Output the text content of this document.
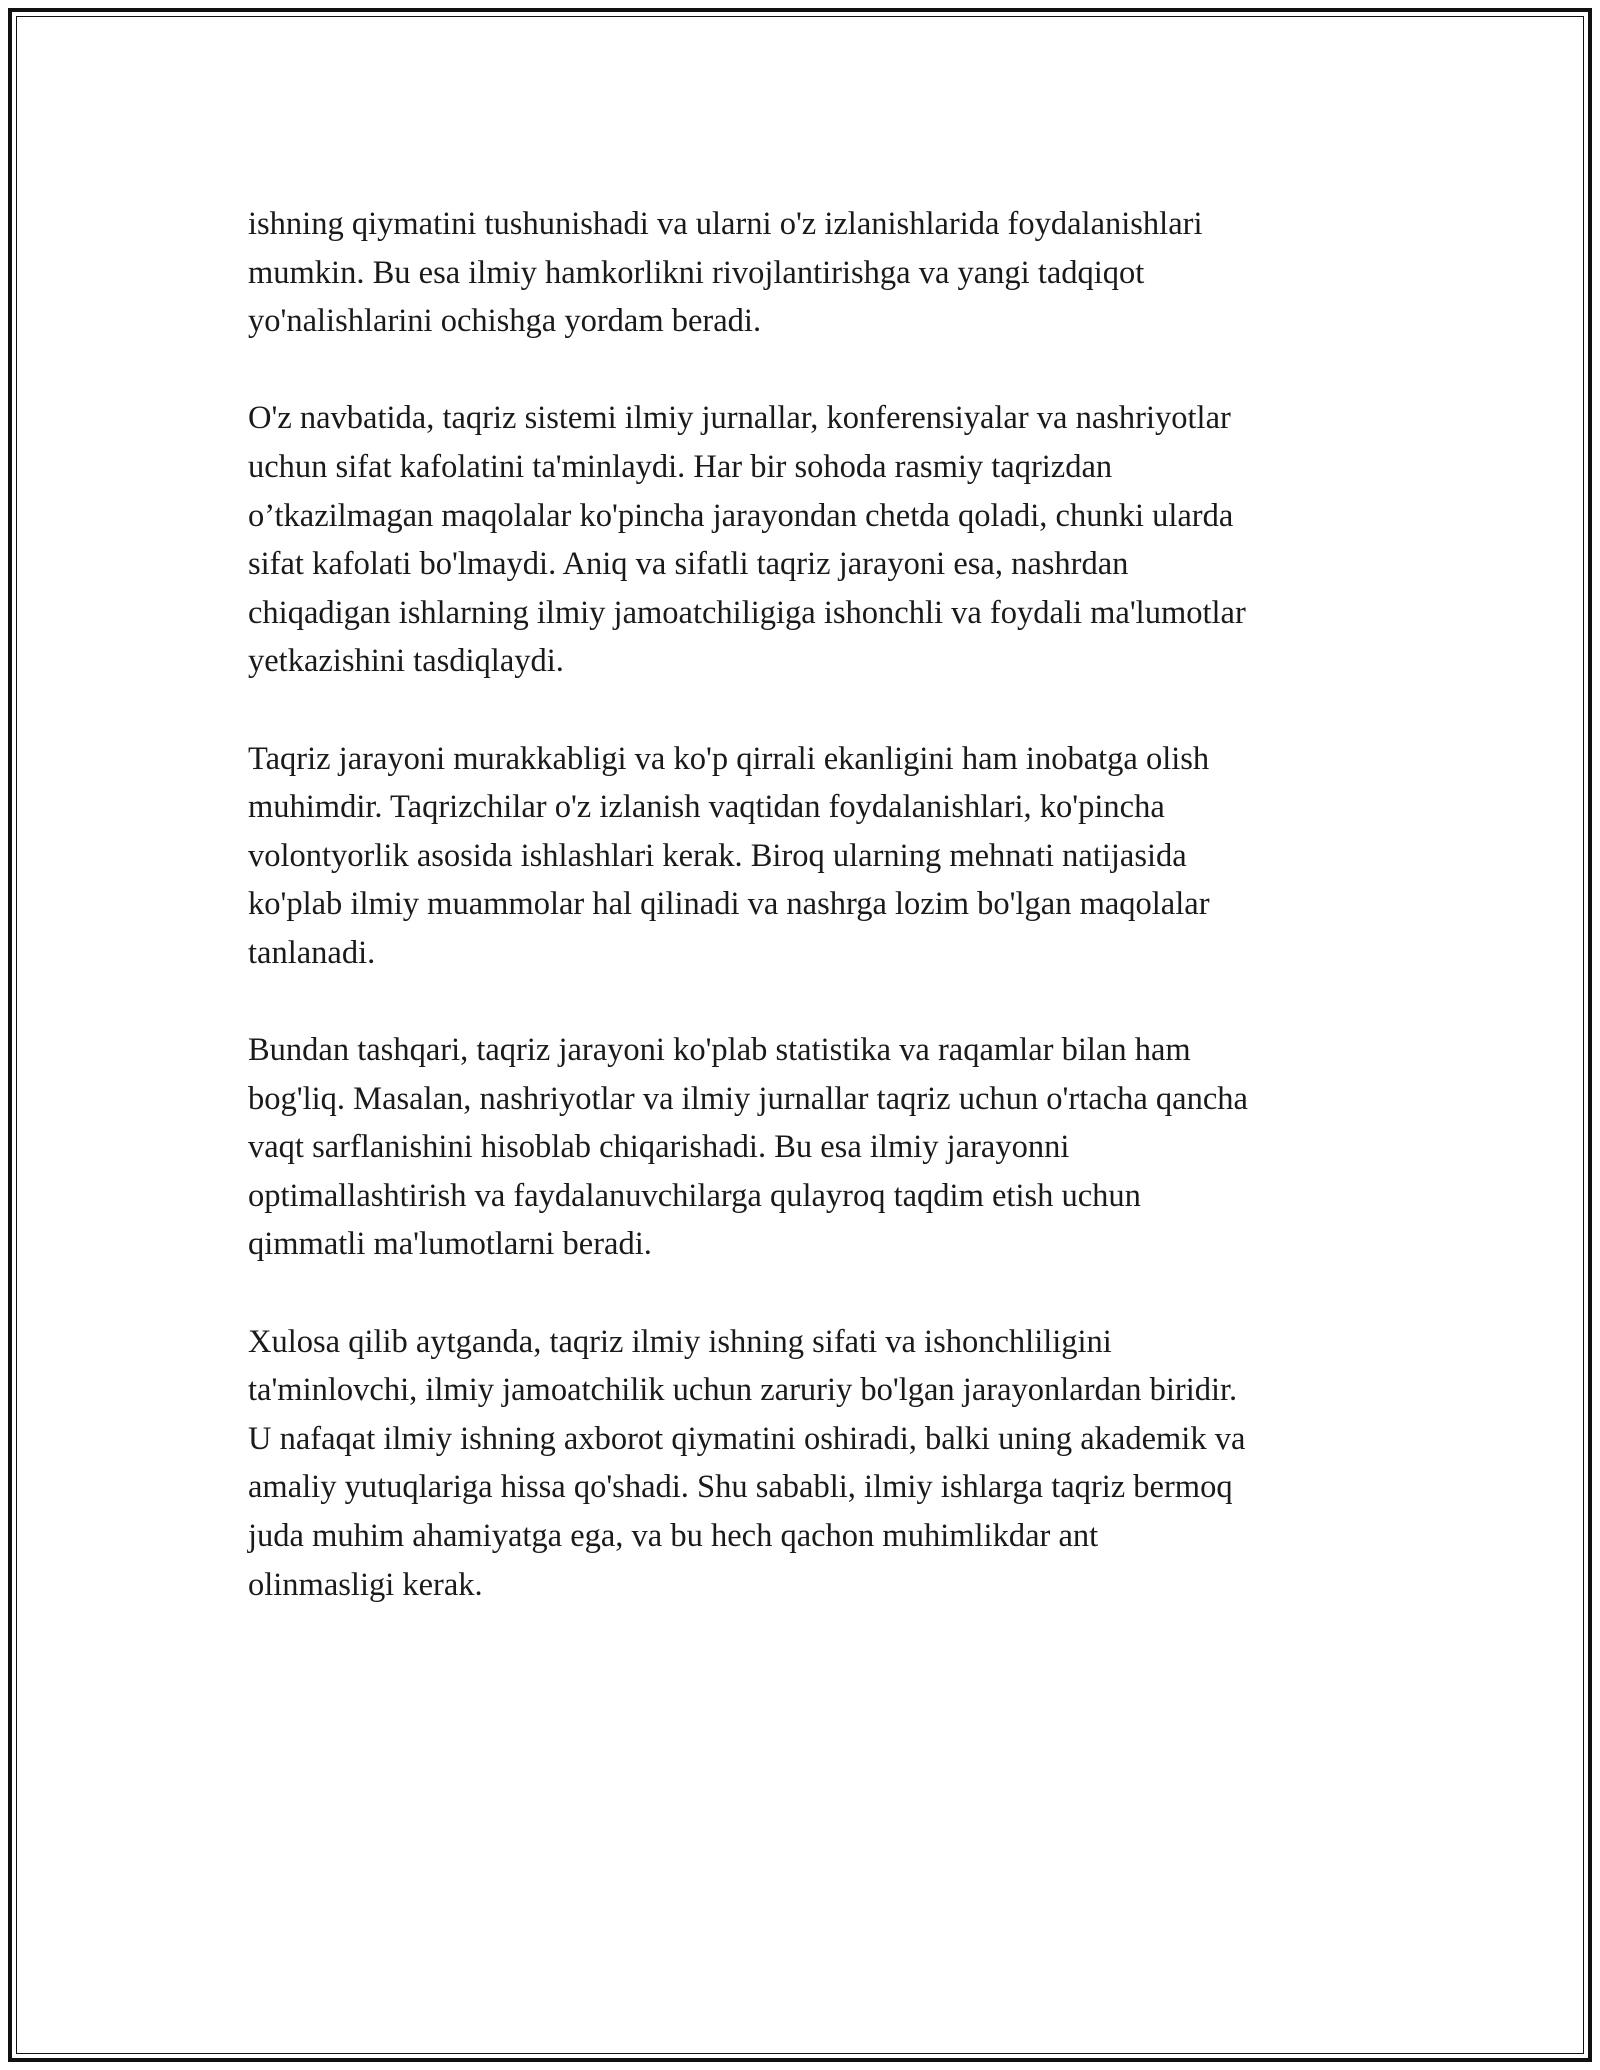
ishning qiymatini tushunishadi va ularni o'z izlanishlarida foydalanishlari
mumkin. Bu esa ilmiy hamkorlikni rivojlantirishga va yangi tadqiqot
yo'nalishlarini ochishga yordam beradi.

O'z navbatida, taqriz sistemi ilmiy jurnallar, konferensiyalar va nashriyotlar
uchun sifat kafolatini ta'minlaydi. Har bir sohoda rasmiy taqrizdan
o’tkazilmagan maqolalar ko'pincha jarayondan chetda qoladi, chunki ularda
sifat kafolati bo'lmaydi. Aniq va sifatli taqriz jarayoni esa, nashrdan
chiqadigan ishlarning ilmiy jamoatchiligiga ishonchli va foydali ma'lumotlar
yetkazishini tasdiqlaydi.

Taqriz jarayoni murakkabligi va ko'p qirrali ekanligini ham inobatga olish
muhimdir. Taqrizchilar o'z izlanish vaqtidan foydalanishlari, ko'pincha
volontyorlik asosida ishlashlari kerak. Biroq ularning mehnati natijasida
ko'plab ilmiy muammolar hal qilinadi va nashrga lozim bo'lgan maqolalar
tanlanadi.

Bundan tashqari, taqriz jarayoni ko'plab statistika va raqamlar bilan ham
bog'liq. Masalan, nashriyotlar va ilmiy jurnallar taqriz uchun o'rtacha qancha
vaqt sarflanishini hisoblab chiqarishadi. Bu esa ilmiy jarayonni
optimallashtirish va faydalanuvchilarga qulayroq taqdim etish uchun
qimmatli ma'lumotlarni beradi.

Xulosa qilib aytganda, taqriz ilmiy ishning sifati va ishonchliligini
ta'minlovchi, ilmiy jamoatchilik uchun zaruriy bo'lgan jarayonlardan biridir.
U nafaqat ilmiy ishning axborot qiymatini oshiradi, balki uning akademik va
amaliy yutuqlariga hissa qo'shadi. Shu sababli, ilmiy ishlarga taqriz bermoq
juda muhim ahamiyatga ega, va bu hech qachon muhimlikdar ant
olinmasligi kerak.
